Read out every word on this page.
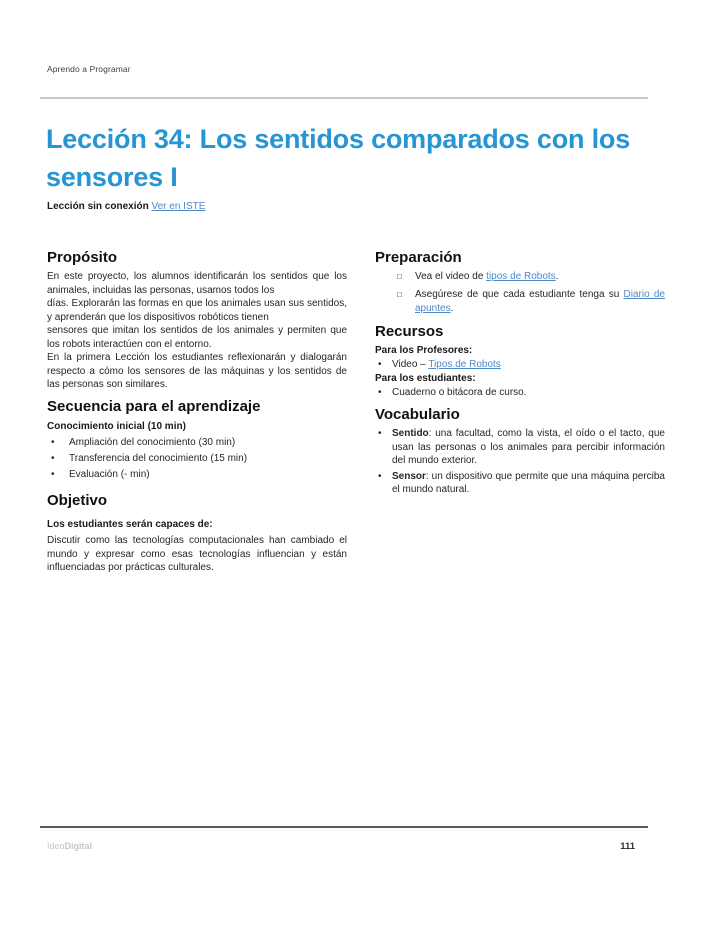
Aprendo a Programar
Lección 34: Los sentidos comparados con los
sensores I
Lección sin conexión Ver en ISTE
Propósito

En este proyecto, los alumnos identificarán los sentidos que los animales, incluidas las personas, usamos todos los

días. Explorarán las formas en que los animales usan sus sentidos, y aprenderán que los dispositivos robóticos tienen

sensores que imitan los sentidos de los animales y permiten que los robots interactúen con el entorno.

En la primera Lección los estudiantes reflexionarán y dialogarán respecto a cómo los sensores de las máquinas y los sentidos de las personas son similares.

Secuencia para el aprendizaje
Conocimiento inicial (10 min)
•	Ampliación del conocimiento (30 min)
•	Transferencia del conocimiento (15 min)
•	Evaluación (- min)
Objetivo
Los estudiantes serán capaces de:

Discutir como las tecnologías computacionales han cambiado el mundo y expresar como esas tecnologías influencian y están influenciadas por prácticas culturales.

Preparación
□	Vea el video de tipos de Robots.
□	Asegúrese de que cada estudiante tenga su Diario de apuntes.
Recursos
Para los Profesores:
•	Video – Tipos de Robots
Para los estudiantes:
•	Cuaderno o bitácora de curso.
Vocabulario
•	Sentido: una facultad, como la vista, el oído o el tacto, que usan las personas o los animales para percibir información del mundo exterior.
•	Sensor: un dispositivo que permite que una máquina perciba el mundo natural.
IdeoDigital	111
